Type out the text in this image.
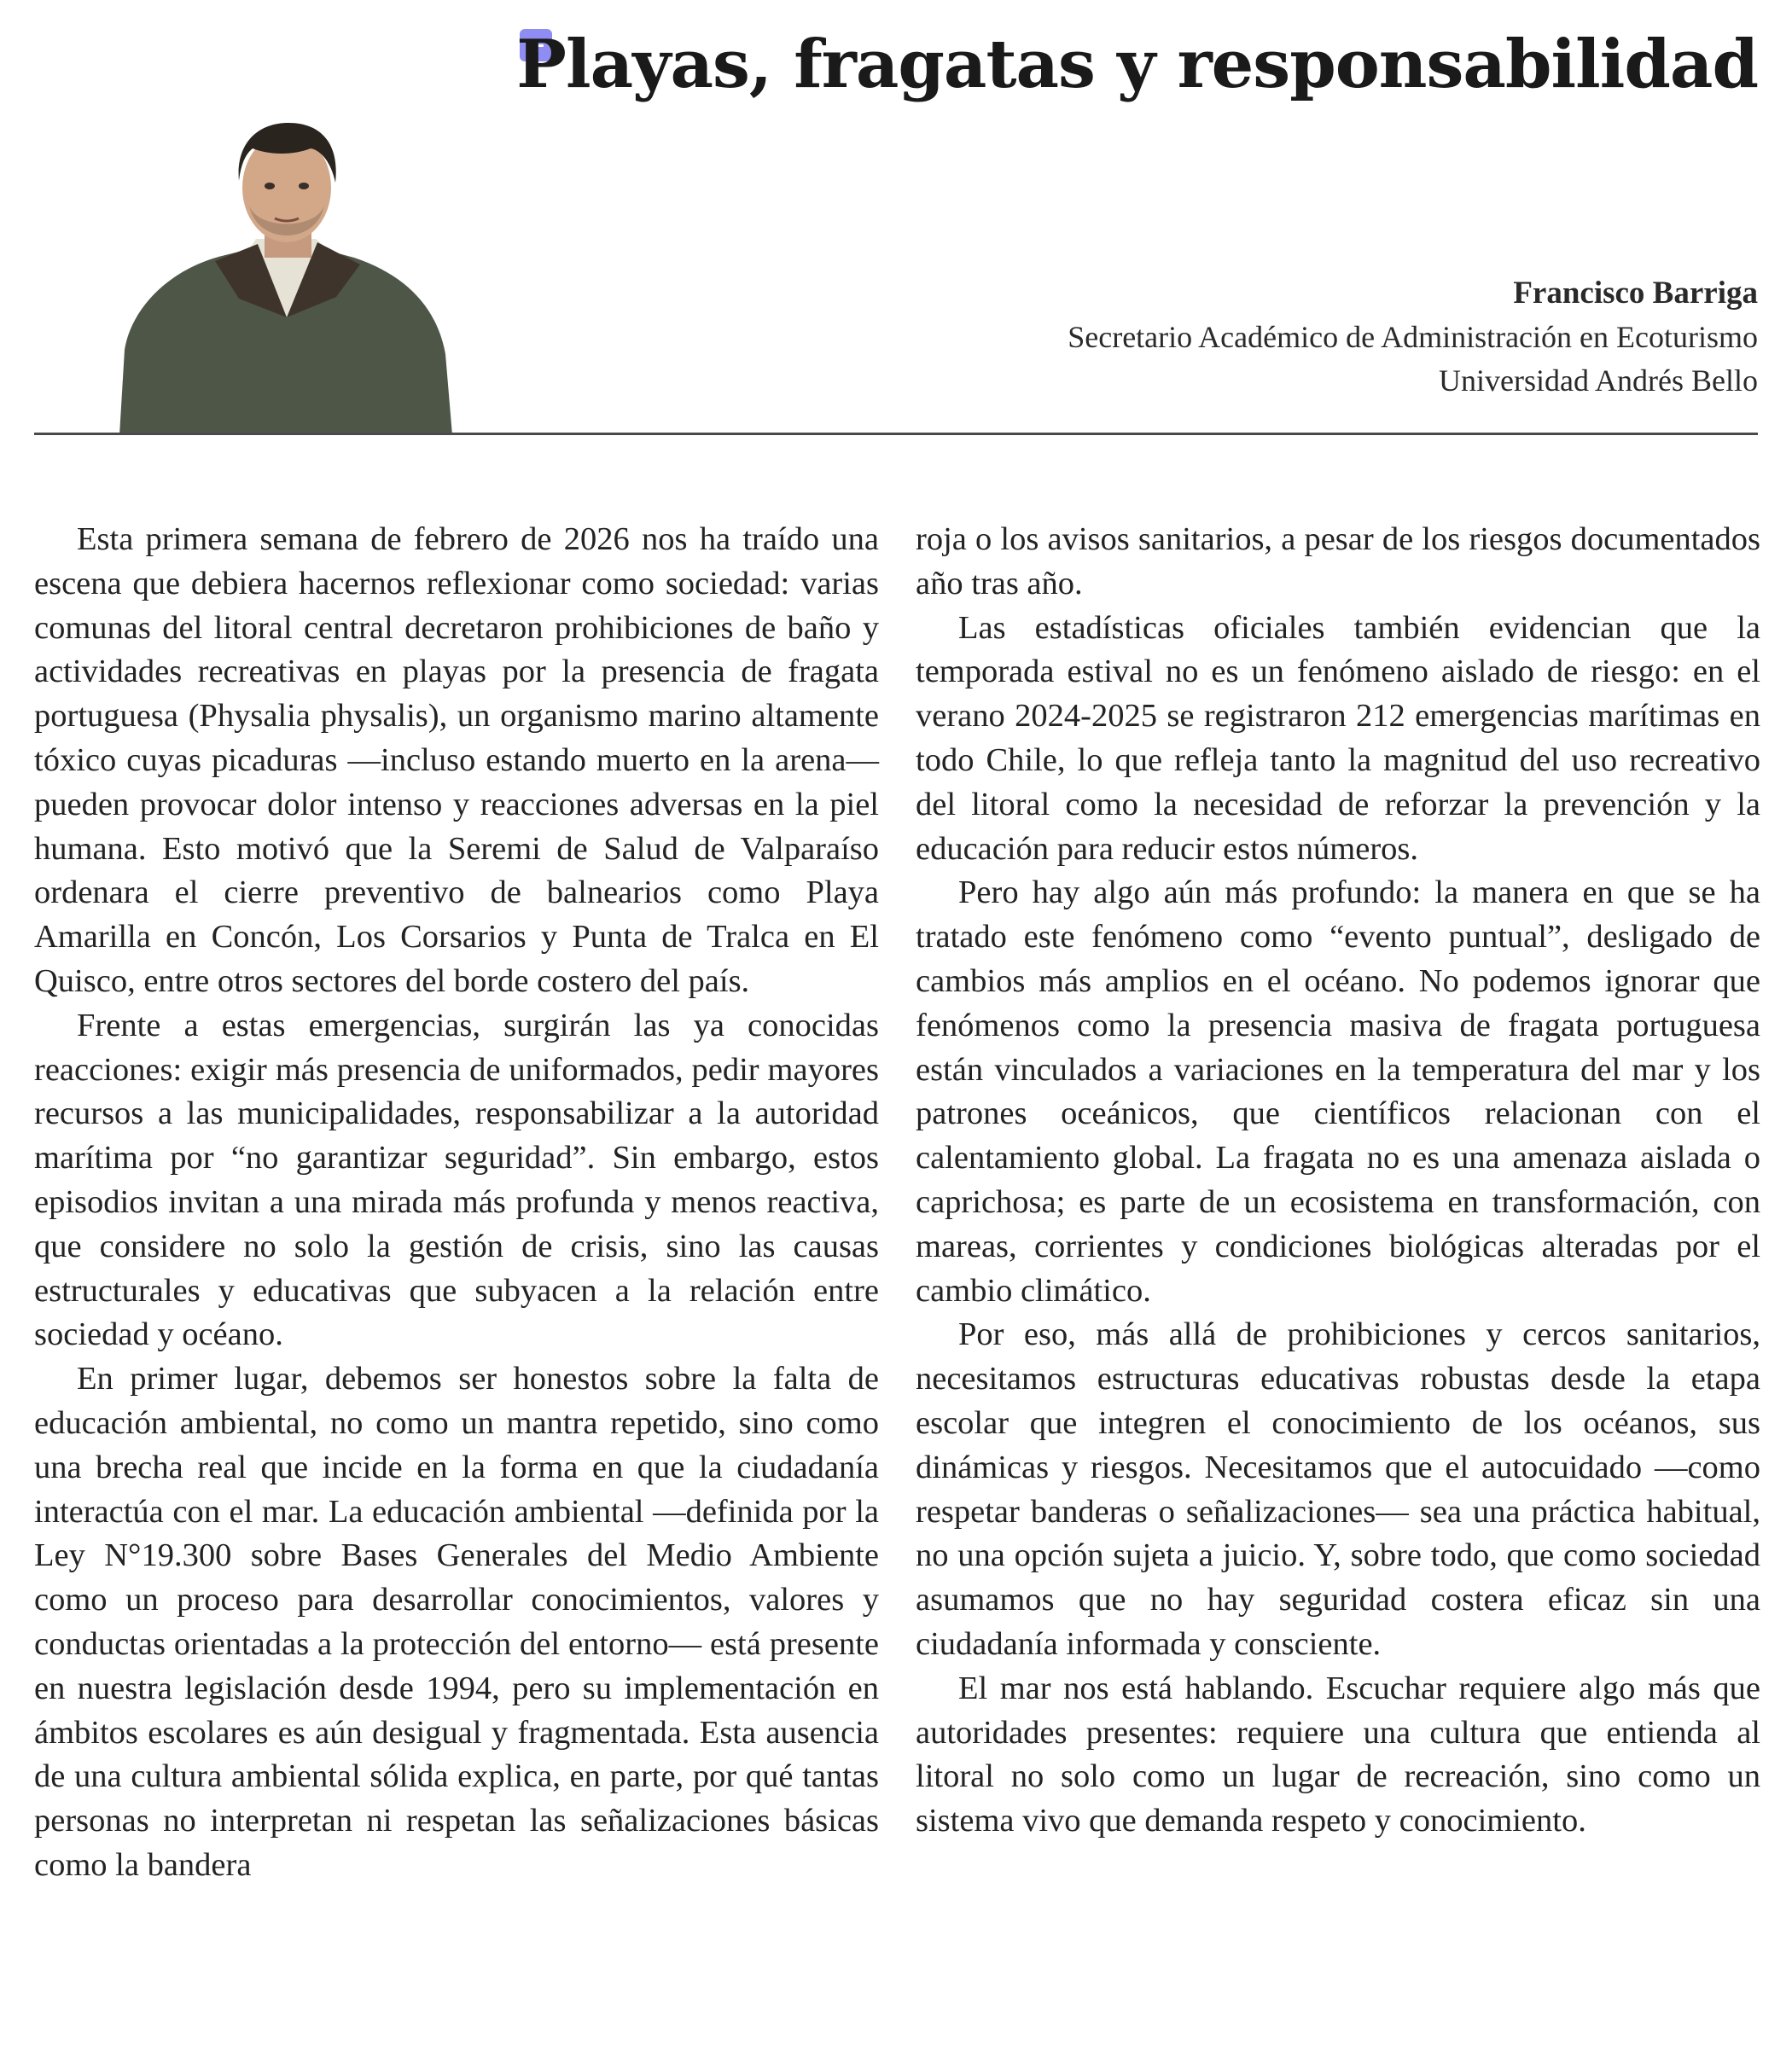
Playas, fragatas y responsabilidad
Francisco Barriga
Secretario Académico de Administración en Ecoturismo
Universidad Andrés Bello

Esta primera semana de febrero de 2026 nos ha traído una escena que debiera hacernos reflexionar como sociedad: varias comunas del litoral central decretaron prohibiciones de baño y actividades recreativas en playas por la presencia de fragata portuguesa (Physalia physalis), un organismo marino altamente tóxico cuyas picaduras —incluso estando muerto en la arena— pueden provocar dolor intenso y reacciones adversas en la piel humana. Esto motivó que la Seremi de Salud de Valparaíso ordenara el cierre preventivo de balnearios como Playa Amarilla en Concón, Los Corsarios y Punta de Tralca en El Quisco, entre otros sectores del borde costero del país.

Frente a estas emergencias, surgirán las ya conocidas reacciones: exigir más presencia de uniformados, pedir mayores recursos a las municipalidades, responsabilizar a la autoridad marítima por “no garantizar seguridad”. Sin embargo, estos episodios invitan a una mirada más profunda y menos reactiva, que considere no solo la gestión de crisis, sino las causas estructurales y educativas que subyacen a la relación entre sociedad y océano.

En primer lugar, debemos ser honestos sobre la falta de educación ambiental, no como un mantra repetido, sino como una brecha real que incide en la forma en que la ciudadanía interactúa con el mar. La educación ambiental —definida por la Ley N°19.300 sobre Bases Generales del Medio Ambiente como un proceso para desarrollar conocimientos, valores y conductas orientadas a la protección del entorno— está presente en nuestra legislación desde 1994, pero su implementación en ámbitos escolares es aún desigual y fragmentada. Esta ausencia de una cultura ambiental sólida explica, en parte, por qué tantas personas no interpretan ni respetan las señalizaciones básicas como la bandera

roja o los avisos sanitarios, a pesar de los riesgos documentados año tras año.

Las estadísticas oficiales también evidencian que la temporada estival no es un fenómeno aislado de riesgo: en el verano 2024-2025 se registraron 212 emergencias marítimas en todo Chile, lo que refleja tanto la magnitud del uso recreativo del litoral como la necesidad de reforzar la prevención y la educación para reducir estos números.

Pero hay algo aún más profundo: la manera en que se ha tratado este fenómeno como “evento puntual”, desligado de cambios más amplios en el océano. No podemos ignorar que fenómenos como la presencia masiva de fragata portuguesa están vinculados a variaciones en la temperatura del mar y los patrones oceánicos, que científicos relacionan con el calentamiento global. La fragata no es una amenaza aislada o caprichosa; es parte de un ecosistema en transformación, con mareas, corrientes y condiciones biológicas alteradas por el cambio climático.

Por eso, más allá de prohibiciones y cercos sanitarios, necesitamos estructuras educativas robustas desde la etapa escolar que integren el conocimiento de los océanos, sus dinámicas y riesgos. Necesitamos que el autocuidado —como respetar banderas o señalizaciones— sea una práctica habitual, no una opción sujeta a juicio. Y, sobre todo, que como sociedad asumamos que no hay seguridad costera eficaz sin una ciudadanía informada y consciente.

El mar nos está hablando. Escuchar requiere algo más que autoridades presentes: requiere una cultura que entienda al litoral no solo como un lugar de recreación, sino como un sistema vivo que demanda respeto y conocimiento.
